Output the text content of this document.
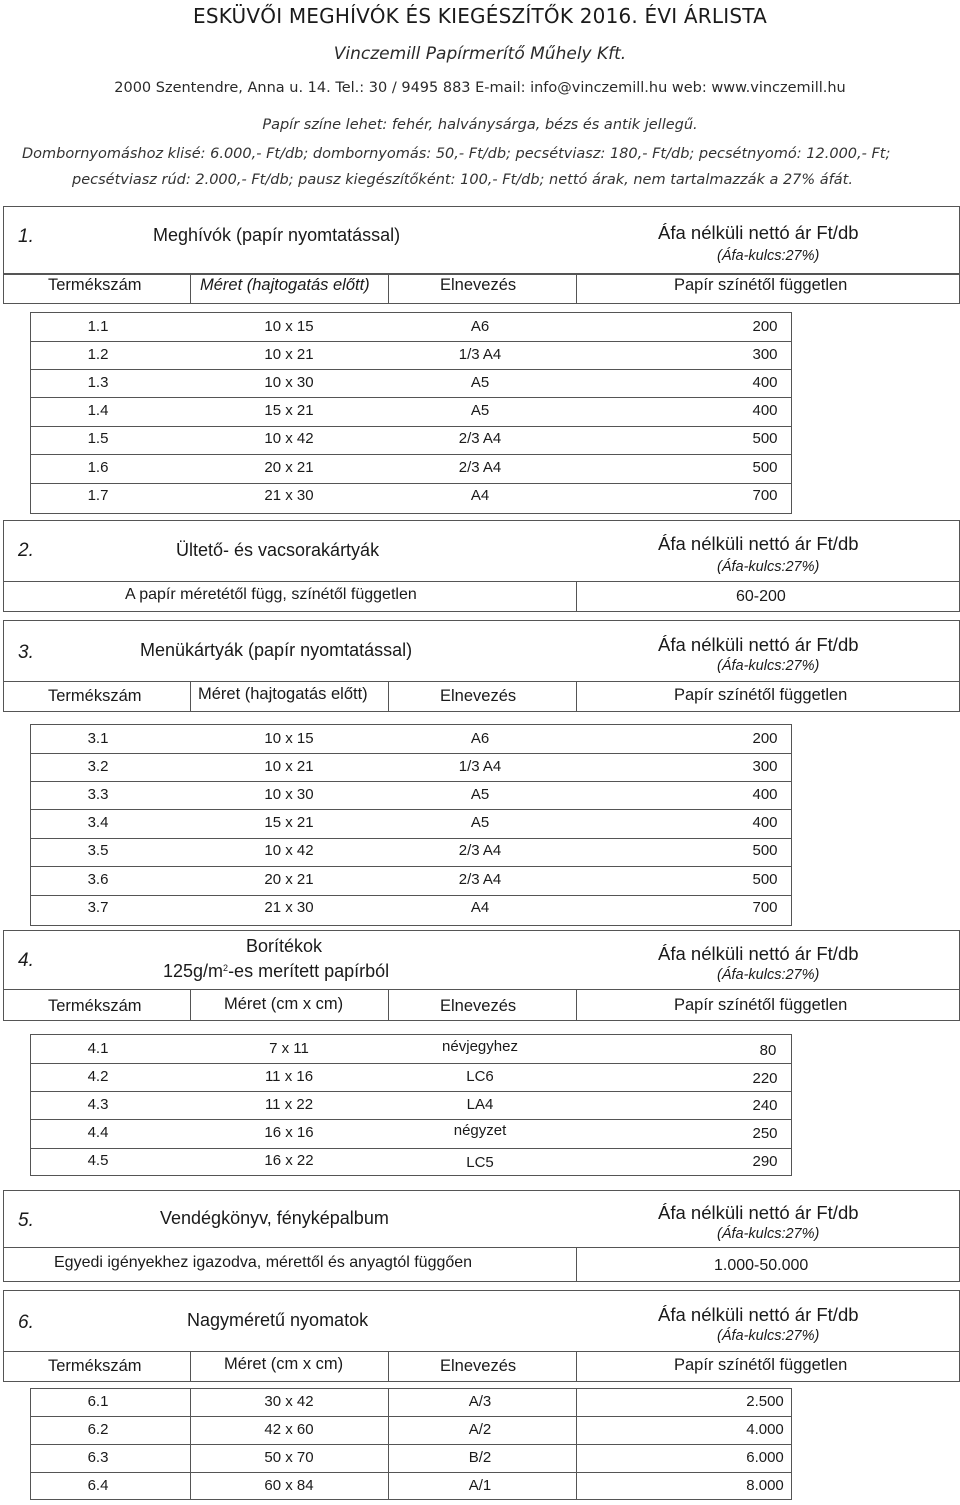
ESKÜVŐI MEGHÍVÓK ÉS KIEGÉSZÍTŐK 2016. ÉVI ÁRLISTA
Vinczemill Papírmerítő Műhely Kft.
2000 Szentendre, Anna u. 14. Tel.: 30 / 9495 883 E-mail: info@vinczemill.hu web: www.vinczemill.hu
Papír színe lehet: fehér, halványsárga, bézs és antik jellegű.
Dombornyomáshoz klisé: 6.000,- Ft/db; dombornyomás: 50,- Ft/db; pecsétviasz: 180,- Ft/db; pecsétnyomó: 12.000,- Ft;
pecsétviasz rúd: 2.000,- Ft/db; pausz kiegészítőként: 100,- Ft/db; nettó árak, nem tartalmazzák a 27% áfát.
1.	Meghívók (papír nyomtatással)	Áfa nélküli nettó ár Ft/db
(Áfa-kulcs:27%)
Termékszám	Méret (hajtogatás előtt)	Elnevezés	Papír színétől független
1.1	10 x 15	A6	200
1.2	10 x 21	1/3 A4	300
1.3	10 x 30	A5	400
1.4	15 x 21	A5	400
1.5	10 x 42	2/3 A4	500
1.6	20 x 21	2/3 A4	500
1.7	21 x 30	A4	700
2.	Ültető- és vacsorakártyák	Áfa nélküli nettó ár Ft/db
(Áfa-kulcs:27%)
A papír méretétől függ, színétől független	60-200
3.	Menükártyák (papír nyomtatással)	Áfa nélküli nettó ár Ft/db
(Áfa-kulcs:27%)
Termékszám	Méret (hajtogatás előtt)	Elnevezés	Papír színétől független
3.1	10 x 15	A6	200
3.2	10 x 21	1/3 A4	300
3.3	10 x 30	A5	400
3.4	15 x 21	A5	400
3.5	10 x 42	2/3 A4	500
3.6	20 x 21	2/3 A4	500
3.7	21 x 30	A4	700
4.
Borítékok
$125g/m^2-es$ merített papírból
Áfa nélküli nettó ár Ft/db
(Áfa-kulcs:27%)
Termékszám	Méret (cm x cm)	Elnevezés	Papír színétől független
4.1	7 x 11	névjegyhez	80
4.2	11 x 16	LC6	220
4.3	11 x 22	LA4	240
4.4	16 x 16	négyzet	250
4.5	16 x 22	LC5	290
5.	Vendégkönyv, fényképalbum	Áfa nélküli nettó ár Ft/db
(Áfa-kulcs:27%)
Egyedi igényekhez igazodva, mérettől és anyagtól függően	1.000-50.000
6.	Nagyméretű nyomatok	Áfa nélküli nettó ár Ft/db
(Áfa-kulcs:27%)
Termékszám	Méret (cm x cm)	Elnevezés	Papír színétől független
6.1	30 x 42	A/3	2.500
6.2	42 x 60	A/2	4.000
6.3	50 x 70	B/2	6.000
6.4	60 x 84	A/1	8.000
